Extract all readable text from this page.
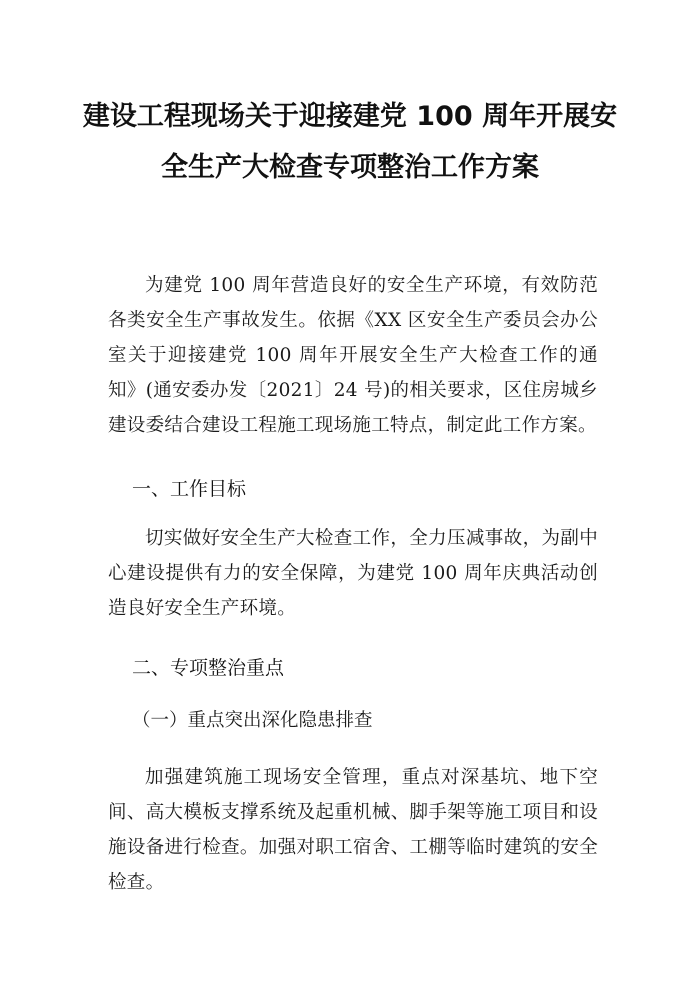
建设工程现场关于迎接建党 100 周年开展安
全生产大检查专项整治工作方案
为建党 100 周年营造良好的安全生产环境，有效防范各类安全生产事故发生。依据《XX 区安全生产委员会办公室关于迎接建党 100 周年开展安全生产大检查工作的通知》(通安委办发〔2021〕24 号)的相关要求，区住房城乡建设委结合建设工程施工现场施工特点，制定此工作方案。
一、工作目标
切实做好安全生产大检查工作，全力压减事故，为副中心建设提供有力的安全保障，为建党 100 周年庆典活动创造良好安全生产环境。
二、专项整治重点
（一）重点突出深化隐患排查
加强建筑施工现场安全管理，重点对深基坑、地下空间、高大模板支撑系统及起重机械、脚手架等施工项目和设施设备进行检查。加强对职工宿舍、工棚等临时建筑的安全检查。
